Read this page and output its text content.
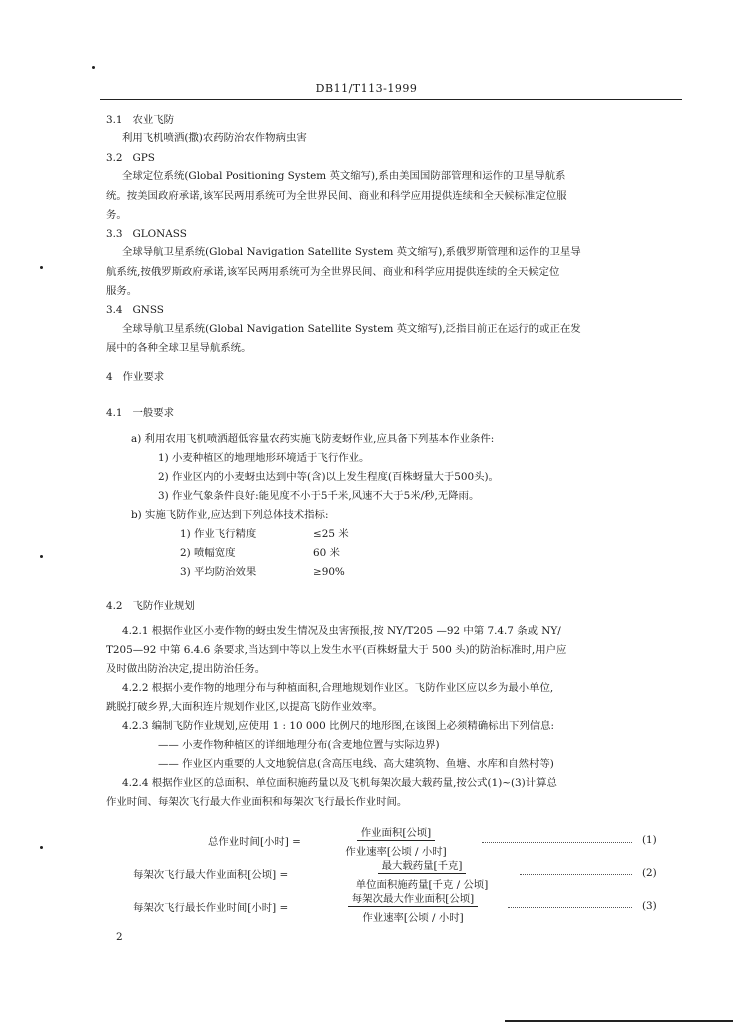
DB11/T113-1999
3.1 农业飞防
利用飞机喷洒(撒)农药防治农作物病虫害
3.2 GPS
全球定位系统(Global Positioning System 英文缩写),系由美国国防部管理和运作的卫星导航系
统。按美国政府承诺,该军民两用系统可为全世界民间、商业和科学应用提供连续和全天候标准定位服
务。
3.3 GLONASS
全球导航卫星系统(Global Navigation Satellite System 英文缩写),系俄罗斯管理和运作的卫星导
航系统,按俄罗斯政府承诺,该军民两用系统可为全世界民间、商业和科学应用提供连续的全天候定位
服务。
3.4 GNSS
全球导航卫星系统(Global Navigation Satellite System 英文缩写),泛指目前正在运行的或正在发
展中的各种全球卫星导航系统。
4 作业要求
4.1 一般要求
a) 利用农用飞机喷洒超低容量农药实施飞防麦蚜作业,应具备下列基本作业条件:
1) 小麦种植区的地理地形环境适于飞行作业。
2) 作业区内的小麦蚜虫达到中等(含)以上发生程度(百株蚜量大于500头)。
3) 作业气象条件良好:能见度不小于5千米,风速不大于5米/秒,无降雨。
b) 实施飞防作业,应达到下列总体技术指标:
1) 作业飞行精度	≤25 米
2) 喷幅宽度	60 米
3) 平均防治效果	≥90%
4.2 飞防作业规划
4.2.1 根据作业区小麦作物的蚜虫发生情况及虫害预报,按 NY/T205 —92 中第 7.4.7 条或 NY/
T205—92 中第 6.4.6 条要求,当达到中等以上发生水平(百株蚜量大于 500 头)的防治标准时,用户应
及时做出防治决定,提出防治任务。
4.2.2 根据小麦作物的地理分布与种植面积,合理地规划作业区。飞防作业区应以乡为最小单位,
跳脱打破乡界,大面积连片规划作业区,以提高飞防作业效率。
4.2.3 编制飞防作业规划,应使用 1 : 10 000 比例尺的地形图,在该图上必须精确标出下列信息:
—— 小麦作物种植区的详细地理分布(含麦地位置与实际边界)
—— 作业区内重要的人文地貌信息(含高压电线、高大建筑物、鱼塘、水库和自然村等)
4.2.4 根据作业区的总面积、单位面积施药量以及飞机每架次最大载药量,按公式(1)~(3)计算总
作业时间、每架次飞行最大作业面积和每架次飞行最长作业时间。
总作业时间[小时] =
作业面积[公顷]
作业速率[公顷 / 小时]
(1)
每架次飞行最大作业面积[公顷] =
最大载药量[千克]
单位面积施药量[千克 / 公顷]
(2)
每架次飞行最长作业时间[小时] =
每架次最大作业面积[公顷]
作业速率[公顷 / 小时]
(3)
2
